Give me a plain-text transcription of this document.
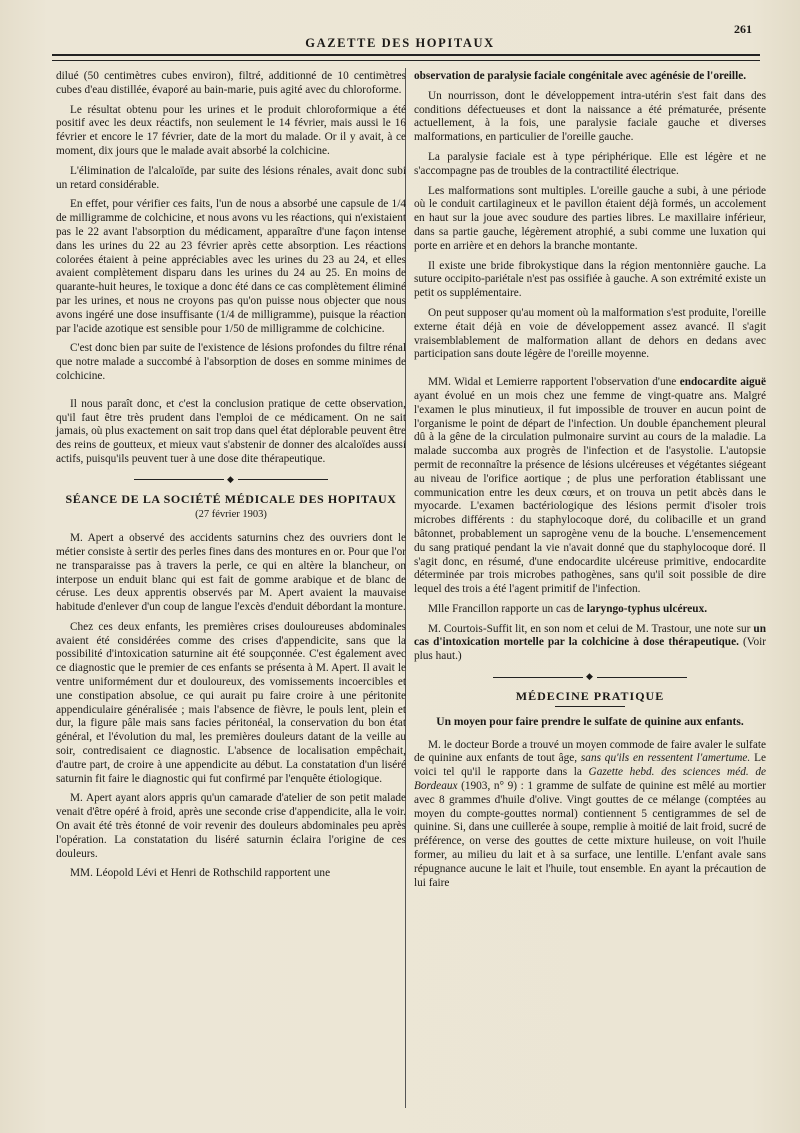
261
GAZETTE DES HOPITAUX

dilué (50 centimètres cubes environ), filtré, additionné de 10 centimètres cubes d'eau distillée, évaporé au bain-marie, puis agité avec du chloroforme.

Le résultat obtenu pour les urines et le produit chloroformique a été positif avec les deux réactifs, non seulement le 14 février, mais aussi le 16 février et encore le 17 février, date de la mort du malade. Or il y avait, à ce moment, dix jours que le malade avait absorbé la colchicine.

L'élimination de l'alcaloïde, par suite des lésions rénales, avait donc subi un retard considérable.

En effet, pour vérifier ces faits, l'un de nous a absorbé une capsule de 1/4 de milligramme de colchicine, et nous avons vu les réactions, qui n'existaient pas le 22 avant l'absorption du médicament, apparaître d'une façon intense dans les urines du 22 au 23 février après cette absorption. Les réactions colorées étaient à peine appréciables avec les urines du 23 au 24, et elles avaient complètement disparu dans les urines du 24 au 25. En moins de quarante-huit heures, le toxique a donc été dans ce cas complètement éliminé par les urines, et nous ne croyons pas qu'on puisse nous objecter que nous avons ingéré une dose insuffisante (1/4 de milligramme), puisque la réaction par l'acide azotique est sensible pour 1/50 de milligramme de colchicine.

C'est donc bien par suite de l'existence de lésions profondes du filtre rénal que notre malade a succombé à l'absorption de doses en somme minimes de colchicine.

Il nous paraît donc, et c'est la conclusion pratique de cette observation, qu'il faut être très prudent dans l'emploi de ce médicament. On ne sait jamais, où plus exactement on sait trop dans quel état déplorable peuvent être des reins de goutteux, et mieux vaut s'abstenir de donner des alcaloïdes aussi actifs, puisqu'ils peuvent tuer à une dose dite thérapeutique.

◆
SÉANCE DE LA SOCIÉTÉ MÉDICALE DES HOPITAUX
(27 février 1903)

M. Apert a observé des accidents saturnins chez des ouvriers dont le métier consiste à sertir des perles fines dans des montures en or. Pour que l'or ne transparaisse pas à travers la perle, ce qui en altère la blancheur, on interpose un enduit blanc qui est fait de gomme arabique et de blanc de céruse. Les deux apprentis observés par M. Apert avaient la mauvaise habitude d'enlever d'un coup de langue l'excès d'enduit débordant la monture.

Chez ces deux enfants, les premières crises douloureuses abdominales avaient été considérées comme des crises d'appendicite, sans que la possibilité d'intoxication saturnine ait été soupçonnée. C'est également avec ce diagnostic que le premier de ces enfants se présenta à M. Apert. Il avait le ventre uniformément dur et douloureux, des vomissements incoercibles et une constipation absolue, ce qui aurait pu faire croire à une péritonite appendiculaire généralisée ; mais l'absence de fièvre, le pouls lent, plein et dur, la figure pâle mais sans facies péritonéal, la conservation du bon état général, et l'évolution du mal, les premières douleurs datant de la veille au soir, contredisaient ce diagnostic. L'absence de localisation empêchait, d'autre part, de croire à une appendicite au début. La constatation d'un liséré saturnin fit faire le diagnostic qui fut confirmé par l'enquête étiologique.

M. Apert ayant alors appris qu'un camarade d'atelier de son petit malade venait d'être opéré à froid, après une seconde crise d'appendicite, alla le voir. On avait été très étonné de voir revenir des douleurs abdominales peu après l'opération. La constatation du liséré saturnin éclaira l'origine de ces douleurs.

MM. Léopold Lévi et Henri de Rothschild rapportent une

observation de paralysie faciale congénitale avec agénésie de l'oreille.

Un nourrisson, dont le développement intra-utérin s'est fait dans des conditions défectueuses et dont la naissance a été prématurée, présente actuellement, à la fois, une paralysie faciale gauche et diverses malformations, en particulier de l'oreille gauche.

La paralysie faciale est à type périphérique. Elle est légère et ne s'accompagne pas de troubles de la contractilité électrique.

Les malformations sont multiples. L'oreille gauche a subi, à une période où le conduit cartilagineux et le pavillon étaient déjà formés, un accolement en haut sur la joue avec soudure des parties libres. Le maxillaire inférieur, dans sa partie gauche, légèrement atrophié, a subi comme une luxation qui porte en arrière et en dehors la branche montante.

Il existe une bride fibrokystique dans la région mentonnière gauche. La suture occipito-pariétale n'est pas ossifiée à gauche. A son extrémité existe un petit os supplémentaire.

On peut supposer qu'au moment où la malformation s'est produite, l'oreille externe était déjà en voie de développement assez avancé. Il s'agit vraisemblablement de malformation allant de dehors en dedans avec participation sans doute légère de l'oreille moyenne.

MM. Widal et Lemierre rapportent l'observation d'une endocardite aiguë ayant évolué en un mois chez une femme de vingt-quatre ans. Malgré l'examen le plus minutieux, il fut impossible de trouver en aucun point de l'organisme le point de départ de l'infection. Un double épanchement pleural dû à la gêne de la circulation pulmonaire survint au cours de la maladie. La malade succomba aux progrès de l'infection et de l'asystolie. L'autopsie permit de reconnaître la présence de lésions ulcéreuses et végétantes siégeant au niveau de l'orifice aortique ; de plus une perforation établissant une communication entre les deux cœurs, et on trouva un petit abcès dans le myocarde. L'examen bactériologique des lésions permit d'isoler trois microbes différents : du staphylocoque doré, du colibacille et un grand bâtonnet, probablement un saprogène venu de la bouche. L'ensemencement du sang pratiqué pendant la vie n'avait donné que du staphylocoque doré. Il s'agit donc, en résumé, d'une endocardite ulcéreuse primitive, endocardite déterminée par trois microbes pathogènes, sans qu'il soit possible de dire lequel des trois a été l'agent primitif de l'infection.

Mlle Francillon rapporte un cas de laryngo-typhus ulcéreux.

M. Courtois-Suffit lit, en son nom et celui de M. Trastour, une note sur un cas d'intoxication mortelle par la colchicine à dose thérapeutique. (Voir plus haut.)

◆
MÉDECINE PRATIQUE
Un moyen pour faire prendre le sulfate de quinine aux enfants.

M. le docteur Borde a trouvé un moyen commode de faire avaler le sulfate de quinine aux enfants de tout âge, sans qu'ils en ressentent l'amertume. Le voici tel qu'il le rapporte dans la Gazette hebd. des sciences méd. de Bordeaux (1903, n° 9) : 1 gramme de sulfate de quinine est mêlé au mortier avec 8 grammes d'huile d'olive. Vingt gouttes de ce mélange (comptées au moyen du compte-gouttes normal) contiennent 5 centigrammes de sel de quinine. Si, dans une cuillerée à soupe, remplie à moitié de lait froid, sucré de préférence, on verse des gouttes de cette mixture huileuse, on voit l'huile former, au milieu du lait et à sa surface, une lentille. L'enfant avale sans répugnance aucune le lait et l'huile, tout ensemble. En ayant la précaution de lui faire
